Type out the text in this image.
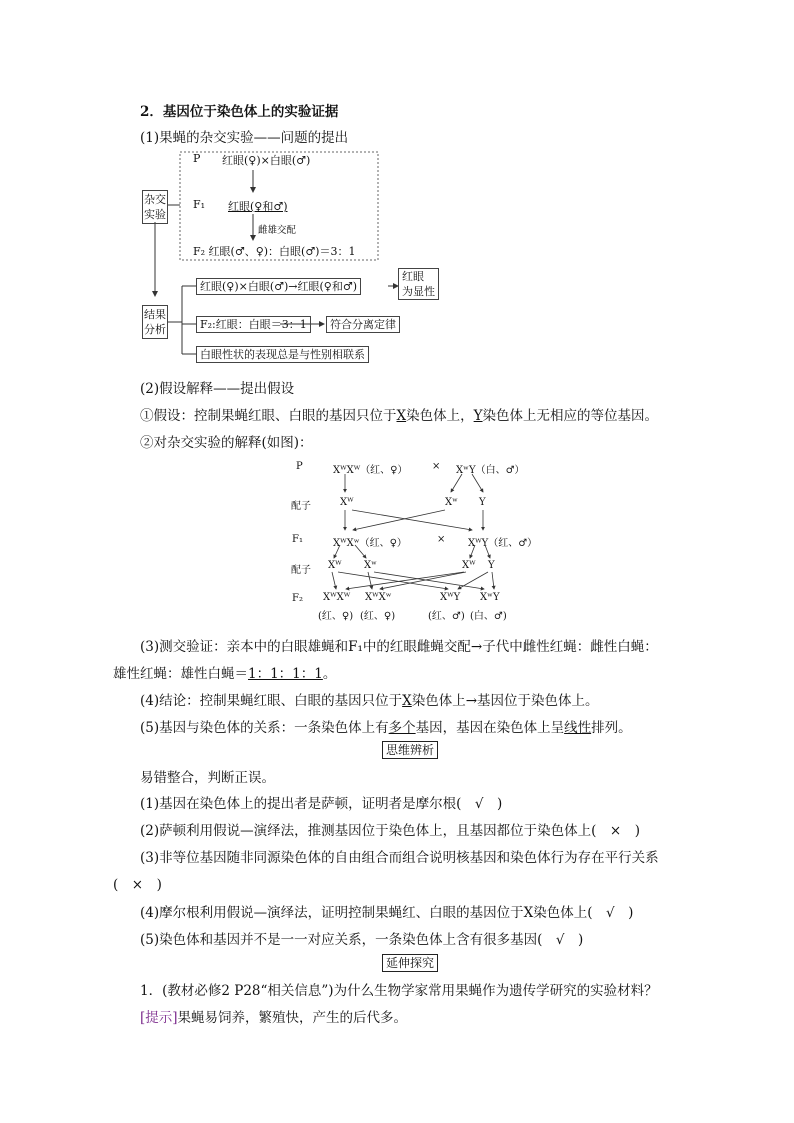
2．基因位于染色体上的实验证据
(1)果蝇的杂交实验——问题的提出
杂交
实验
结果
分析
P 红眼(♀)×白眼(♂)
F₁ 红眼(♀和♂)
雌雄交配
F₂ 红眼(♂、♀)：白眼(♂)＝3：1
红眼(♀)×白眼(♂)→红眼(♀和♂)
红眼
为显性
F₂:红眼：白眼＝3：1	符合分离定律
白眼性状的表现总是与性别相联系
(2)假设解释——提出假设
①假设：控制果蝇红眼、白眼的基因只位于X染色体上，Y染色体上无相应的等位基因。
②对杂交实验的解释(如图)：
P	XᵂXᵂ（红、♀） × XʷY（白、♂）
配子	Xᵂ	Xʷ Y
F₁	XᵂXʷ（红、♀）	× XᵂY（红、♂）
配子 Xᵂ Xʷ	Xᵂ Y
F₂ XᵂXᵂ XᵂXʷ	XᵂY XʷY
(红、♀) (红、♀)	(红、♂) (白、♂)
(3)测交验证：亲本中的白眼雄蝇和F₁中的红眼雌蝇交配→子代中雌性红蝇：雌性白蝇：
雄性红蝇：雄性白蝇＝1：1：1：1。
(4)结论：控制果蝇红眼、白眼的基因只位于X染色体上→基因位于染色体上。
(5)基因与染色体的关系：一条染色体上有多个基因，基因在染色体上呈线性排列。
思维辨析
易错整合，判断正误。
(1)基因在染色体上的提出者是萨顿，证明者是摩尔根(　√　)
(2)萨顿利用假说—演绎法，推测基因位于染色体上，且基因都位于染色体上(　×　)
(3)非等位基因随非同源染色体的自由组合而组合说明核基因和染色体行为存在平行关系
(　×　)
(4)摩尔根利用假说—演绎法，证明控制果蝇红、白眼的基因位于X染色体上(　√　)
(5)染色体和基因并不是一一对应关系，一条染色体上含有很多基因(　√　)
延伸探究
1．(教材必修2 P28“相关信息”)为什么生物学家常用果蝇作为遗传学研究的实验材料？
[提示]果蝇易饲养，繁殖快，产生的后代多。
